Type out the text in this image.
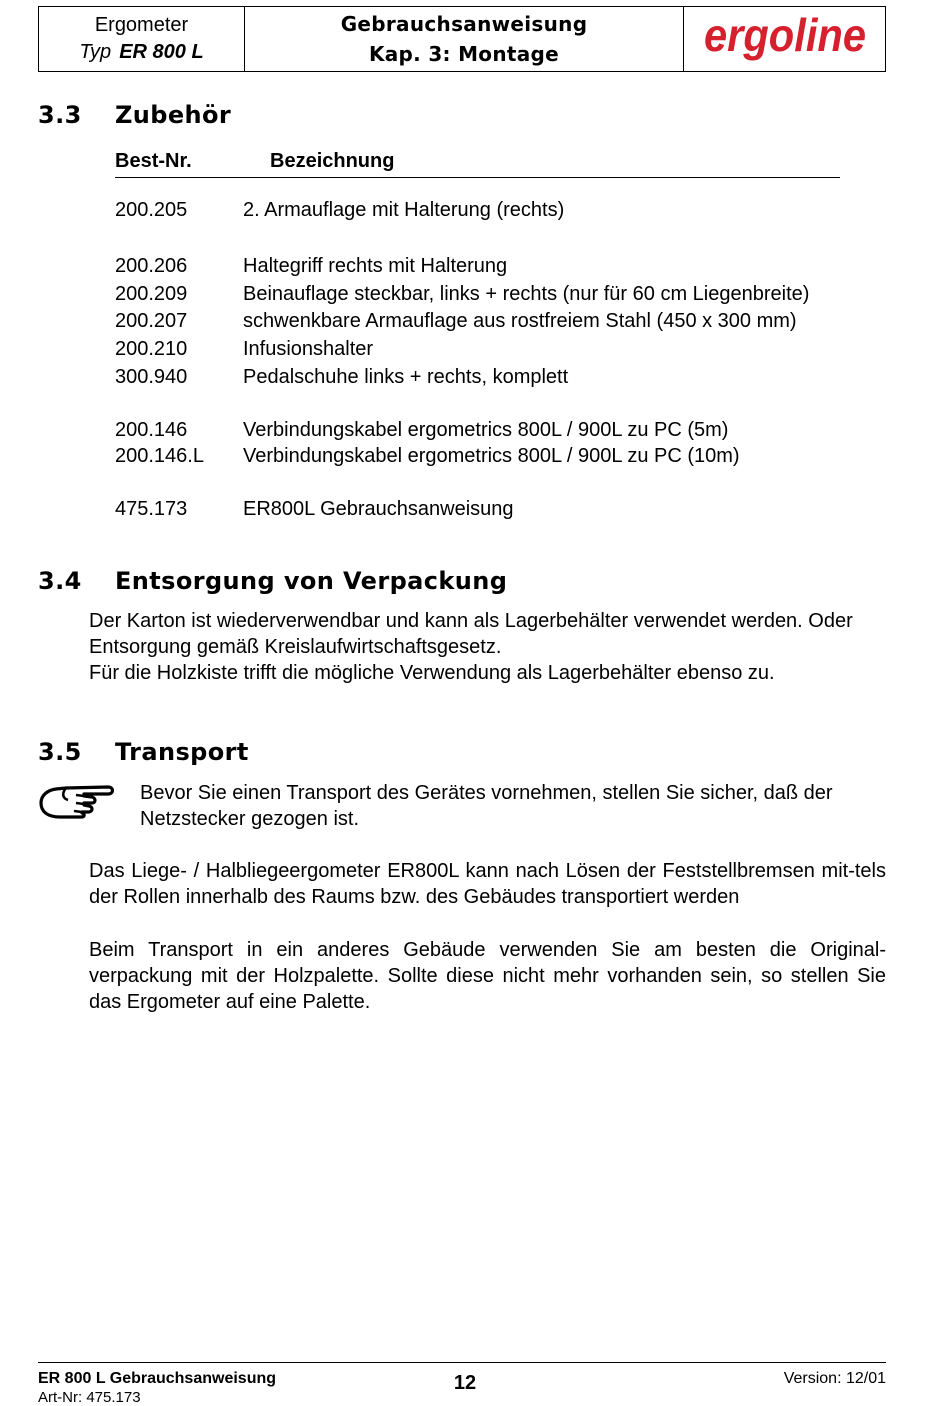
Ergometer
Typ ER 800 L
Gebrauchsanweisung
Kap. 3: Montage	ergoline
3.3 Zubehör
Best-Nr.	Bezeichnung
200.205	2. Armauflage mit Halterung (rechts)
200.206	Haltegriff rechts mit Halterung
200.209	Beinauflage steckbar, links + rechts (nur für 60 cm Liegenbreite)
200.207	schwenkbare Armauflage aus rostfreiem Stahl (450 x 300 mm)
200.210	Infusionshalter
300.940	Pedalschuhe links + rechts, komplett
200.146	Verbindungskabel ergometrics 800L / 900L zu PC (5m)
200.146.L Verbindungskabel ergometrics 800L / 900L zu PC (10m)
475.173	ER800L Gebrauchsanweisung
3.4 Entsorgung von Verpackung
Der Karton ist wiederverwendbar und kann als Lagerbehälter verwendet werden. Oder Entsorgung gemäß Kreislaufwirtschaftsgesetz.
Für die Holzkiste trifft die mögliche Verwendung als Lagerbehälter ebenso zu.
3.5 Transport
Bevor Sie einen Transport des Gerätes vornehmen, stellen Sie sicher, daß der Netzstecker gezogen ist.
Das Liege- / Halbliegeergometer ER800L kann nach Lösen der Feststellbremsen mit-tels der Rollen innerhalb des Raums bzw. des Gebäudes transportiert werden
Beim Transport in ein anderes Gebäude verwenden Sie am besten die Original-verpackung mit der Holzpalette. Sollte diese nicht mehr vorhanden sein, so stellen Sie das Ergometer auf eine Palette.
ER 800 L Gebrauchsanweisung
Art-Nr: 475.173
12	Version: 12/01
